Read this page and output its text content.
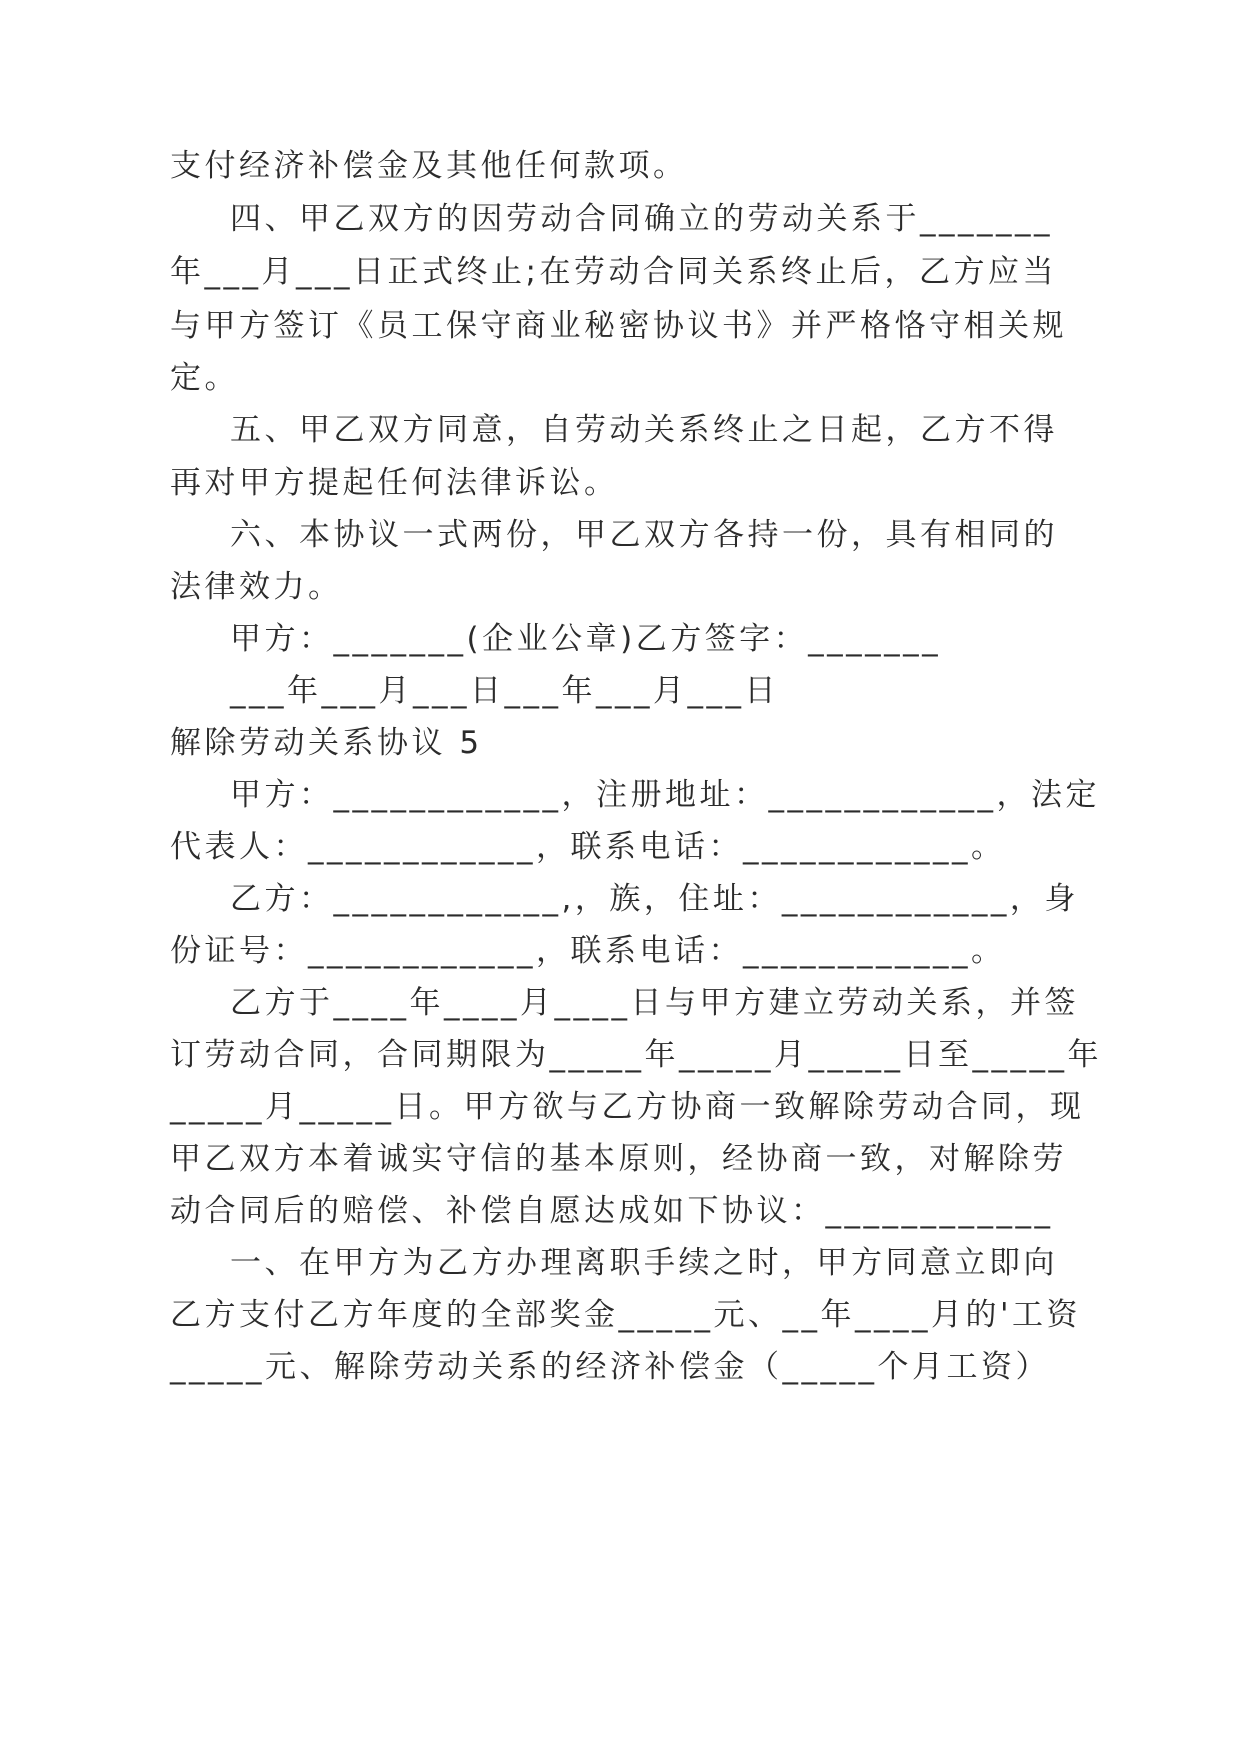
支付经济补偿金及其他任何款项。
四、甲乙双方的因劳动合同确立的劳动关系于_______
年___月___日正式终止;在劳动合同关系终止后，乙方应当
与甲方签订《员工保守商业秘密协议书》并严格恪守相关规
定。
五、甲乙双方同意，自劳动关系终止之日起，乙方不得
再对甲方提起任何法律诉讼。
六、本协议一式两份，甲乙双方各持一份，具有相同的
法律效力。
甲方：_______(企业公章)乙方签字：_______
___年___月___日___年___月___日
解除劳动关系协议 5
甲方：____________，注册地址：____________，法定
代表人：____________，联系电话：____________。
乙方：____________,，族，住址：____________，身
份证号：____________，联系电话：____________。
乙方于____年____月____日与甲方建立劳动关系，并签
订劳动合同，合同期限为_____年_____月_____日至_____年
_____月_____日。甲方欲与乙方协商一致解除劳动合同，现
甲乙双方本着诚实守信的基本原则，经协商一致，对解除劳
动合同后的赔偿、补偿自愿达成如下协议：____________
一、在甲方为乙方办理离职手续之时，甲方同意立即向
乙方支付乙方年度的全部奖金_____元、__年____月的'工资
_____元、解除劳动关系的经济补偿金（_____个月工资）
